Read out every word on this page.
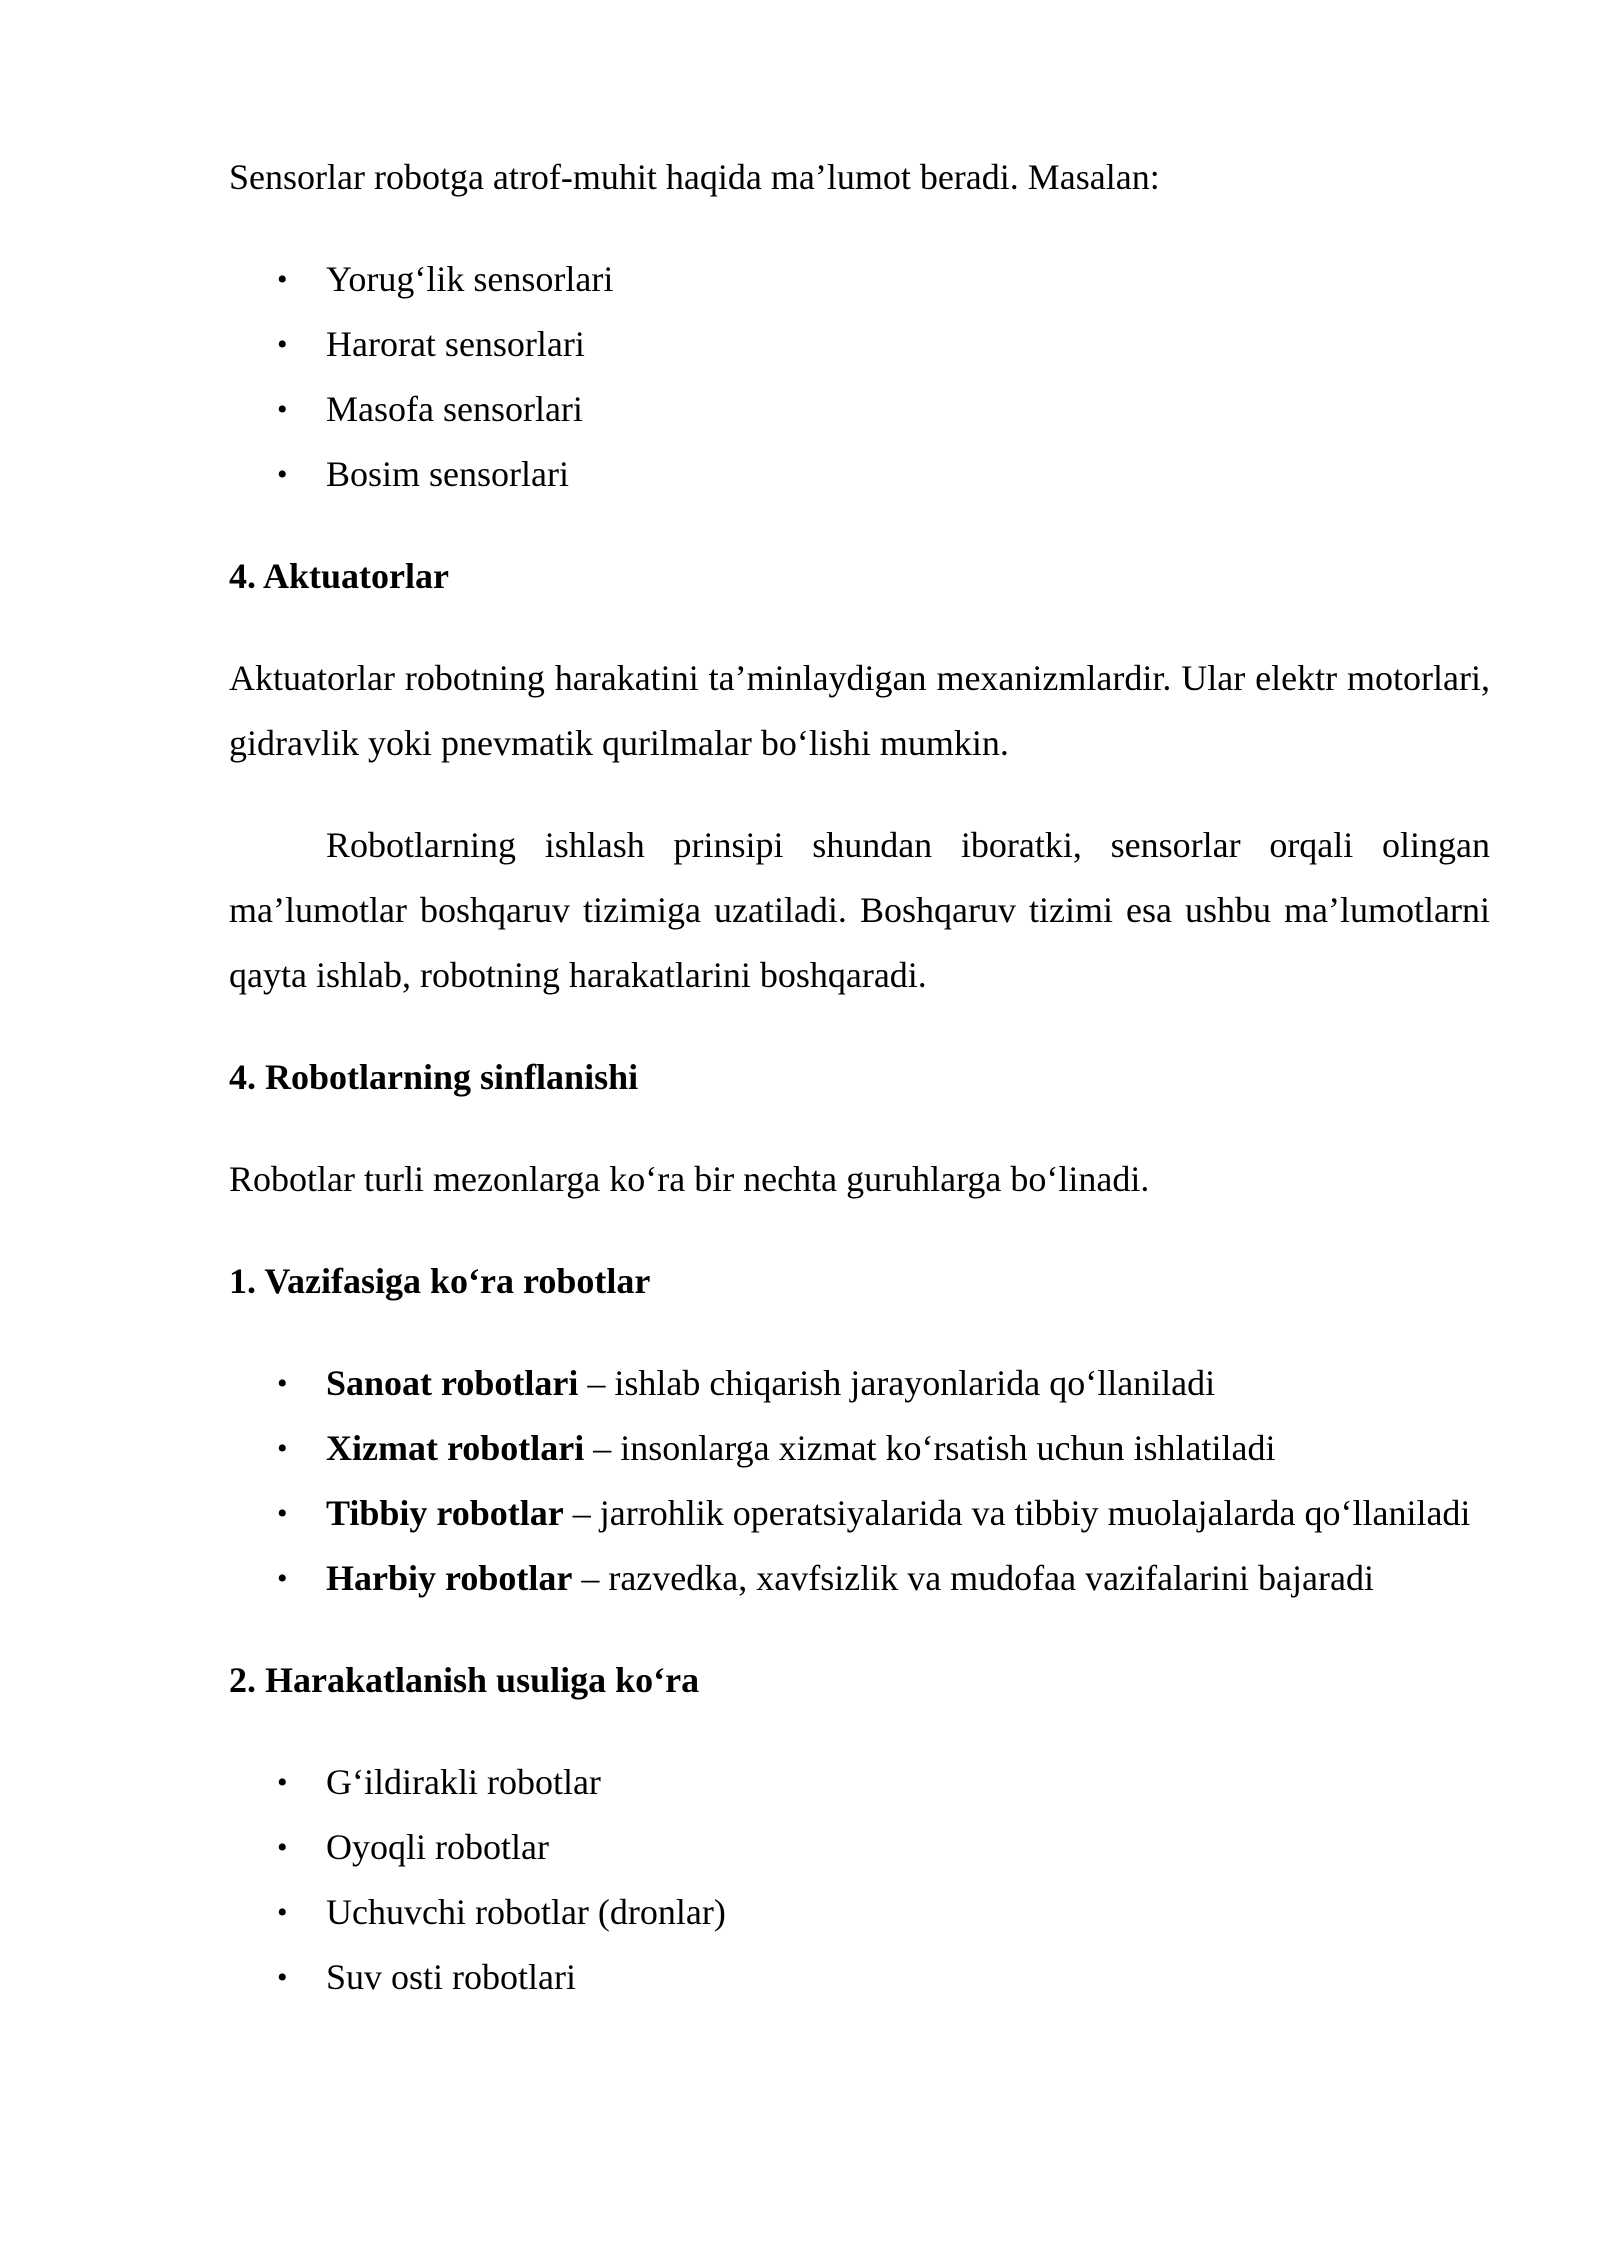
Sensorlar robotga atrof-muhit haqida ma’lumot beradi. Masalan:

• Yorug‘lik sensorlari
• Harorat sensorlari
• Masofa sensorlari
• Bosim sensorlari
4. Aktuatorlar

Aktuatorlar robotning harakatini ta’minlaydigan mexanizmlardir. Ular elektr motorlari, gidravlik yoki pnevmatik qurilmalar bo‘lishi mumkin.

Robotlarning ishlash prinsipi shundan iboratki, sensorlar orqali olingan ma’lumotlar boshqaruv tizimiga uzatiladi. Boshqaruv tizimi esa ushbu ma’lumotlarni qayta ishlab, robotning harakatlarini boshqaradi.

4. Robotlarning sinflanishi

Robotlar turli mezonlarga ko‘ra bir nechta guruhlarga bo‘linadi.

1. Vazifasiga ko‘ra robotlar
• Sanoat robotlari – ishlab chiqarish jarayonlarida qo‘llaniladi
• Xizmat robotlari – insonlarga xizmat ko‘rsatish uchun ishlatiladi
• Tibbiy robotlar – jarrohlik operatsiyalarida va tibbiy muolajalarda qo‘llaniladi
• Harbiy robotlar – razvedka, xavfsizlik va mudofaa vazifalarini bajaradi
2. Harakatlanish usuliga ko‘ra
• G‘ildirakli robotlar
• Oyoqli robotlar
• Uchuvchi robotlar (dronlar)
• Suv osti robotlari
